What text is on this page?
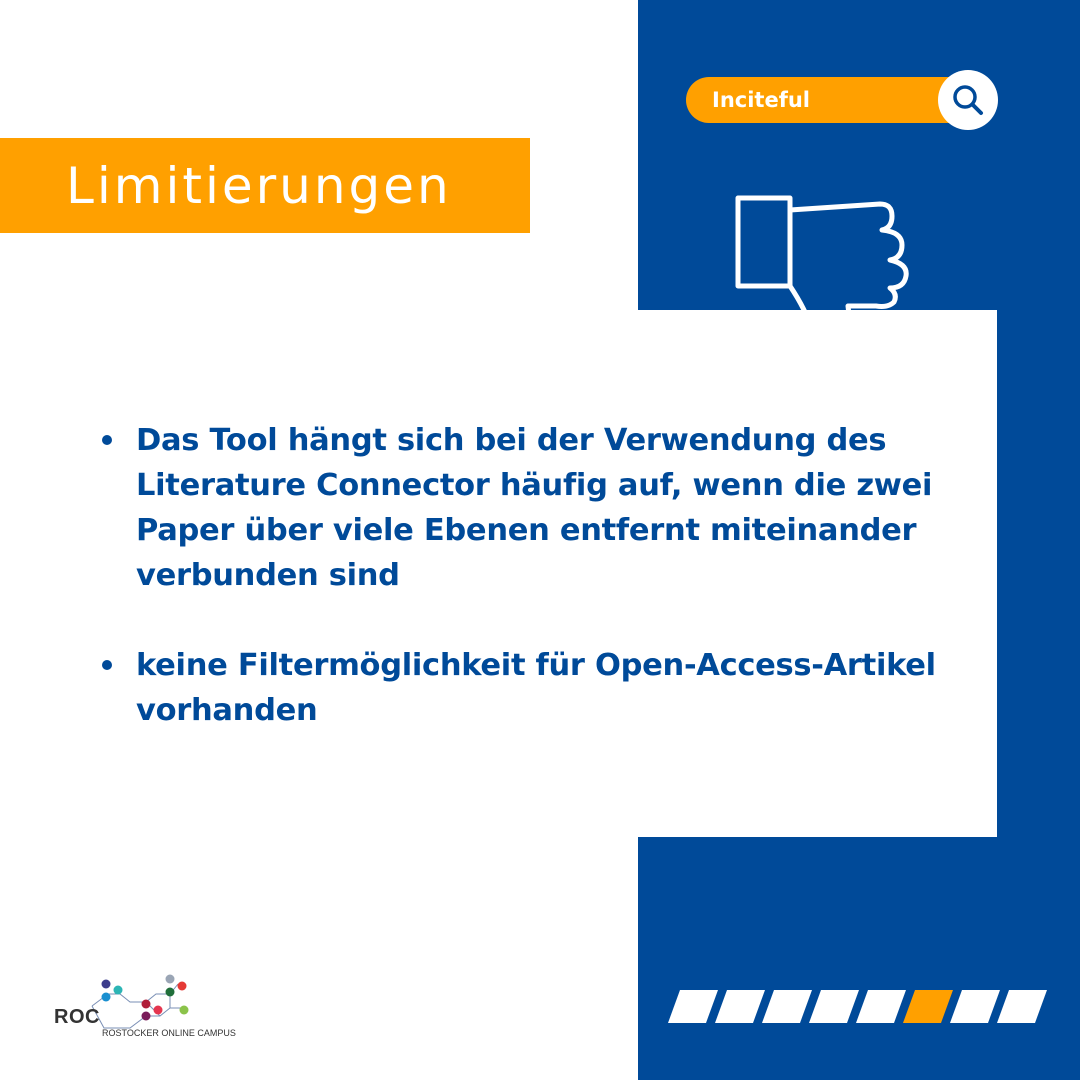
Limitierungen
Inciteful
Das Tool hängt sich bei der Verwendung des Literature Connector häufig auf, wenn die zwei Paper über viele Ebenen entfernt miteinander verbunden sind
keine Filtermöglichkeit für Open-Access-Artikel vorhanden
ROC
ROSTOCKER ONLINE CAMPUS
